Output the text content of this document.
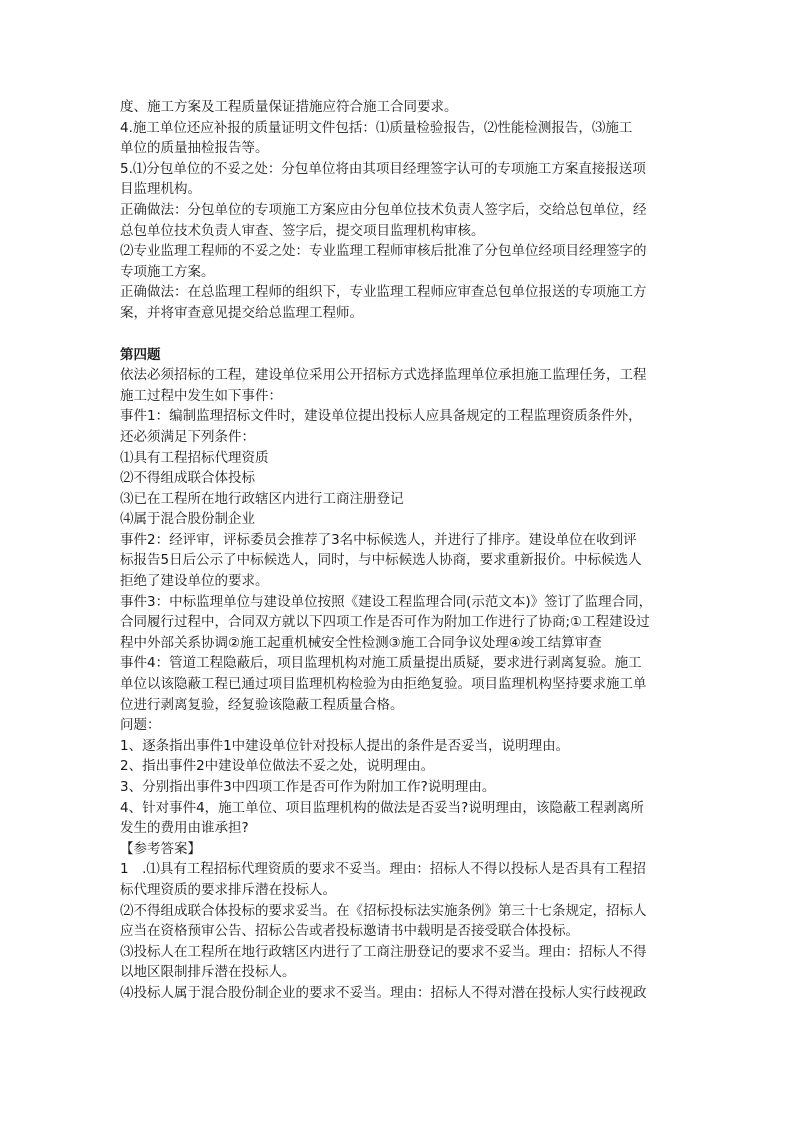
度、施工方案及工程质量保证措施应符合施工合同要求。
4.施工单位还应补报的质量证明文件包括：⑴质量检验报告，⑵性能检测报告，⑶施工
单位的质量抽检报告等。
5.⑴分包单位的不妥之处：分包单位将由其项目经理签字认可的专项施工方案直接报送项
目监理机构。
正确做法：分包单位的专项施工方案应由分包单位技术负责人签字后，交给总包单位，经
总包单位技术负责人审查、签字后，提交项目监理机构审核。
⑵专业监理工程师的不妥之处：专业监理工程师审核后批准了分包单位经项目经理签字的
专项施工方案。
正确做法：在总监理工程师的组织下，专业监理工程师应审查总包单位报送的专项施工方
案，并将审查意见提交给总监理工程师。
第四题
依法必须招标的工程，建设单位采用公开招标方式选择监理单位承担施工监理任务，工程
施工过程中发生如下事件：
事件1：编制监理招标文件时，建设单位提出投标人应具备规定的工程监理资质条件外，
还必须满足下列条件：
⑴具有工程招标代理资质
⑵不得组成联合体投标
⑶已在工程所在地行政辖区内进行工商注册登记
⑷属于混合股份制企业
事件2：经评审，评标委员会推荐了3名中标候选人，并进行了排序。建设单位在收到评
标报告5日后公示了中标候选人，同时，与中标候选人协商，要求重新报价。中标候选人
拒绝了建设单位的要求。
事件3：中标监理单位与建设单位按照《建设工程监理合同(示范文本)》签订了监理合同，
合同履行过程中，合同双方就以下四项工作是否可作为附加工作进行了协商;①工程建设过
程中外部关系协调②施工起重机械安全性检测③施工合同争议处理④竣工结算审查
事件4：管道工程隐蔽后，项目监理机构对施工质量提出质疑，要求进行剥离复验。施工
单位以该隐蔽工程已通过项目监理机构检验为由拒绝复验。项目监理机构坚持要求施工单
位进行剥离复验，经复验该隐蔽工程质量合格。
问题：
1、逐条指出事件1中建设单位针对投标人提出的条件是否妥当，说明理由。
2、指出事件2中建设单位做法不妥之处，说明理由。
3、分别指出事件3中四项工作是否可作为附加工作?说明理由。
4、针对事件4，施工单位、项目监理机构的做法是否妥当?说明理由，该隐蔽工程剥离所
发生的费用由谁承担?
【参考答案】
1　.⑴具有工程招标代理资质的要求不妥当。理由：招标人不得以投标人是否具有工程招
标代理资质的要求排斥潜在投标人。
⑵不得组成联合体投标的要求妥当。在《招标投标法实施条例》第三十七条规定，招标人
应当在资格预审公告、招标公告或者投标邀请书中载明是否接受联合体投标。
⑶投标人在工程所在地行政辖区内进行了工商注册登记的要求不妥当。理由：招标人不得
以地区限制排斥潜在投标人。
⑷投标人属于混合股份制企业的要求不妥当。理由：招标人不得对潜在投标人实行歧视政
